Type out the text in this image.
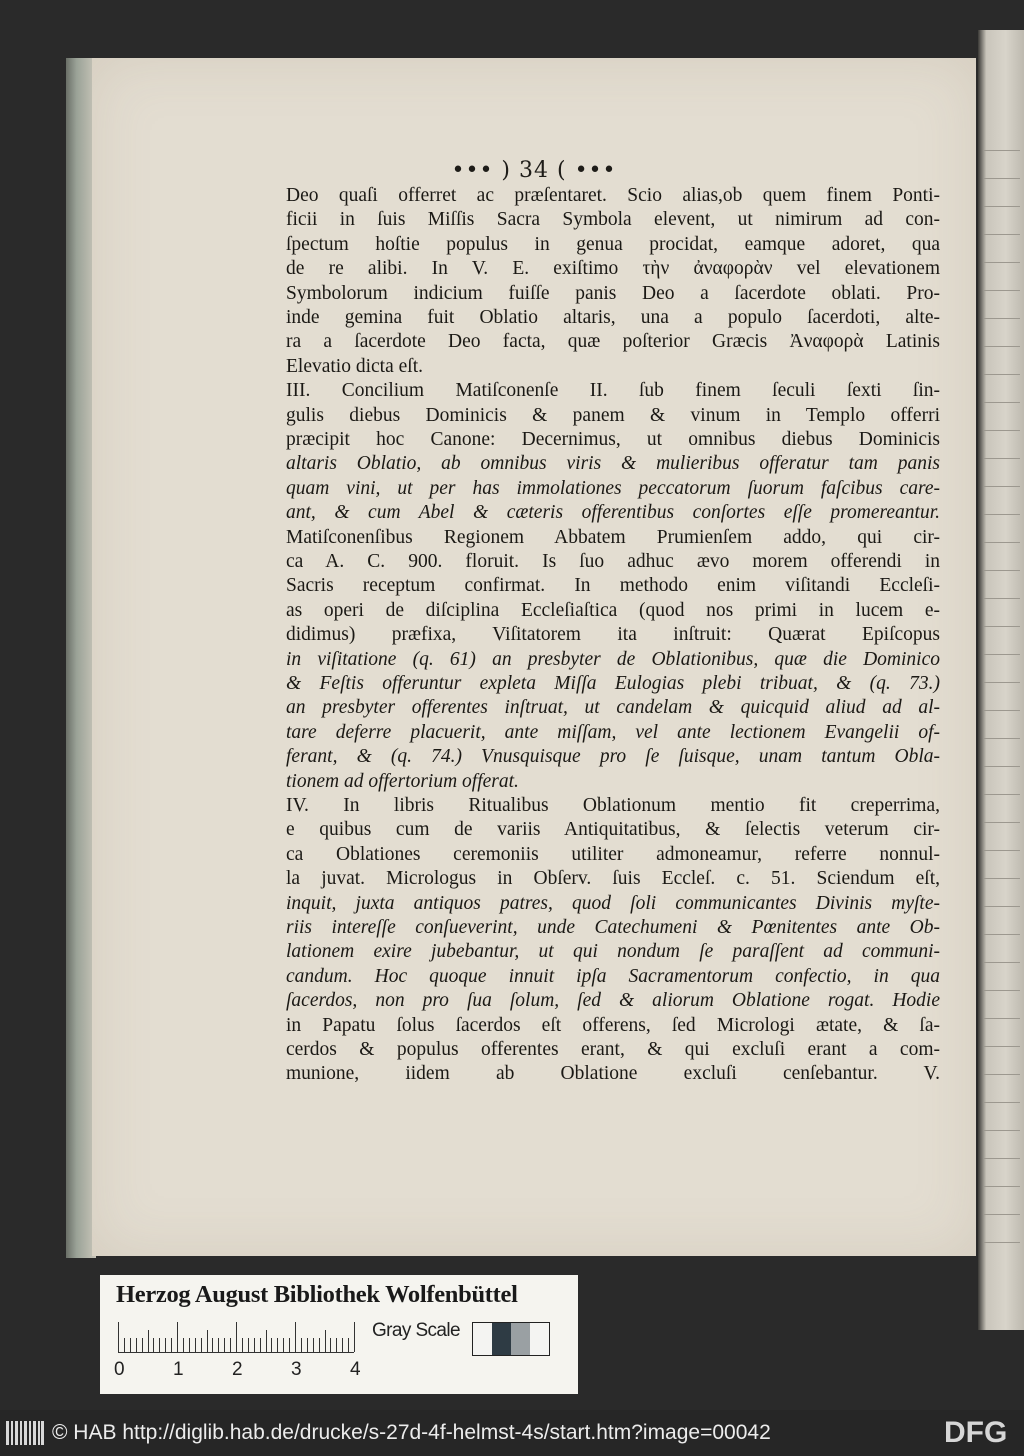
••• ) 34 ( •••
Deo quaſi offerret ac præſentaret. Scio alias,ob quem finem Ponti-
ficii in ſuis Miſſis Sacra Symbola elevent, ut nimirum ad con-
ſpectum hoſtie populus in genua procidat, eamque adoret, qua
de re alibi. In V. E. exiſtimo τὴν ἀναφορὰν vel elevationem
Symbolorum indicium fuiſſe panis Deo a ſacerdote oblati. Pro-
inde gemina fuit Oblatio altaris, una a populo ſacerdoti, alte-
ra a ſacerdote Deo facta, quæ poſterior Græcis Ἀναφορὰ Latinis
Elevatio dicta eſt.
III. Concilium Matiſconenſe II. ſub finem ſeculi ſexti ſin-
gulis diebus Dominicis & panem & vinum in Templo offerri
præcipit hoc Canone: Decernimus, ut omnibus diebus Dominicis
altaris Oblatio, ab omnibus viris & mulieribus offeratur tam panis
quam vini, ut per has immolationes peccatorum ſuorum faſcibus care-
ant, & cum Abel & cæteris offerentibus conſortes eſſe promereantur.
Matiſconenſibus Regionem Abbatem Prumienſem addo, qui cir-
ca A. C. 900. floruit. Is ſuo adhuc ævo morem offerendi in
Sacris receptum confirmat. In methodo enim viſitandi Eccleſi-
as operi de diſciplina Eccleſiaſtica (quod nos primi in lucem e-
didimus) præfixa, Viſitatorem ita inſtruit: Quærat Epiſcopus
in viſitatione (q. 61) an presbyter de Oblationibus, quæ die Dominico
& Feſtis offeruntur expleta Miſſa Eulogias plebi tribuat, & (q. 73.)
an presbyter offerentes inſtruat, ut candelam & quicquid aliud ad al-
tare deferre placuerit, ante miſſam, vel ante lectionem Evangelii of-
ferant, & (q. 74.) Vnusquisque pro ſe ſuisque, unam tantum Obla-
tionem ad offertorium offerat.
IV. In libris Ritualibus Oblationum mentio fit creperrima,
e quibus cum de variis Antiquitatibus, & ſelectis veterum cir-
ca Oblationes ceremoniis utiliter admoneamur, referre nonnul-
la juvat. Micrologus in Obſerv. ſuis Eccleſ. c. 51. Sciendum eſt,
inquit, juxta antiquos patres, quod ſoli communicantes Divinis myſte-
riis intereſſe conſueverint, unde Catechumeni & Pœnitentes ante Ob-
lationem exire jubebantur, ut qui nondum ſe paraſſent ad communi-
candum. Hoc quoque innuit ipſa Sacramentorum confectio, in qua
ſacerdos, non pro ſua ſolum, ſed & aliorum Oblatione rogat. Hodie
in Papatu ſolus ſacerdos eſt offerens, ſed Micrologi ætate, & ſa-
cerdos & populus offerentes erant, & qui excluſi erant a com-
munione, iidem ab Oblatione excluſi cenſebantur. V.
Herzog August Bibliothek Wolfenbüttel
0	1	2	3	4
Gray Scale
© HAB http://diglib.hab.de/drucke/s-27d-4f-helmst-4s/start.htm?image=00042	DFG
